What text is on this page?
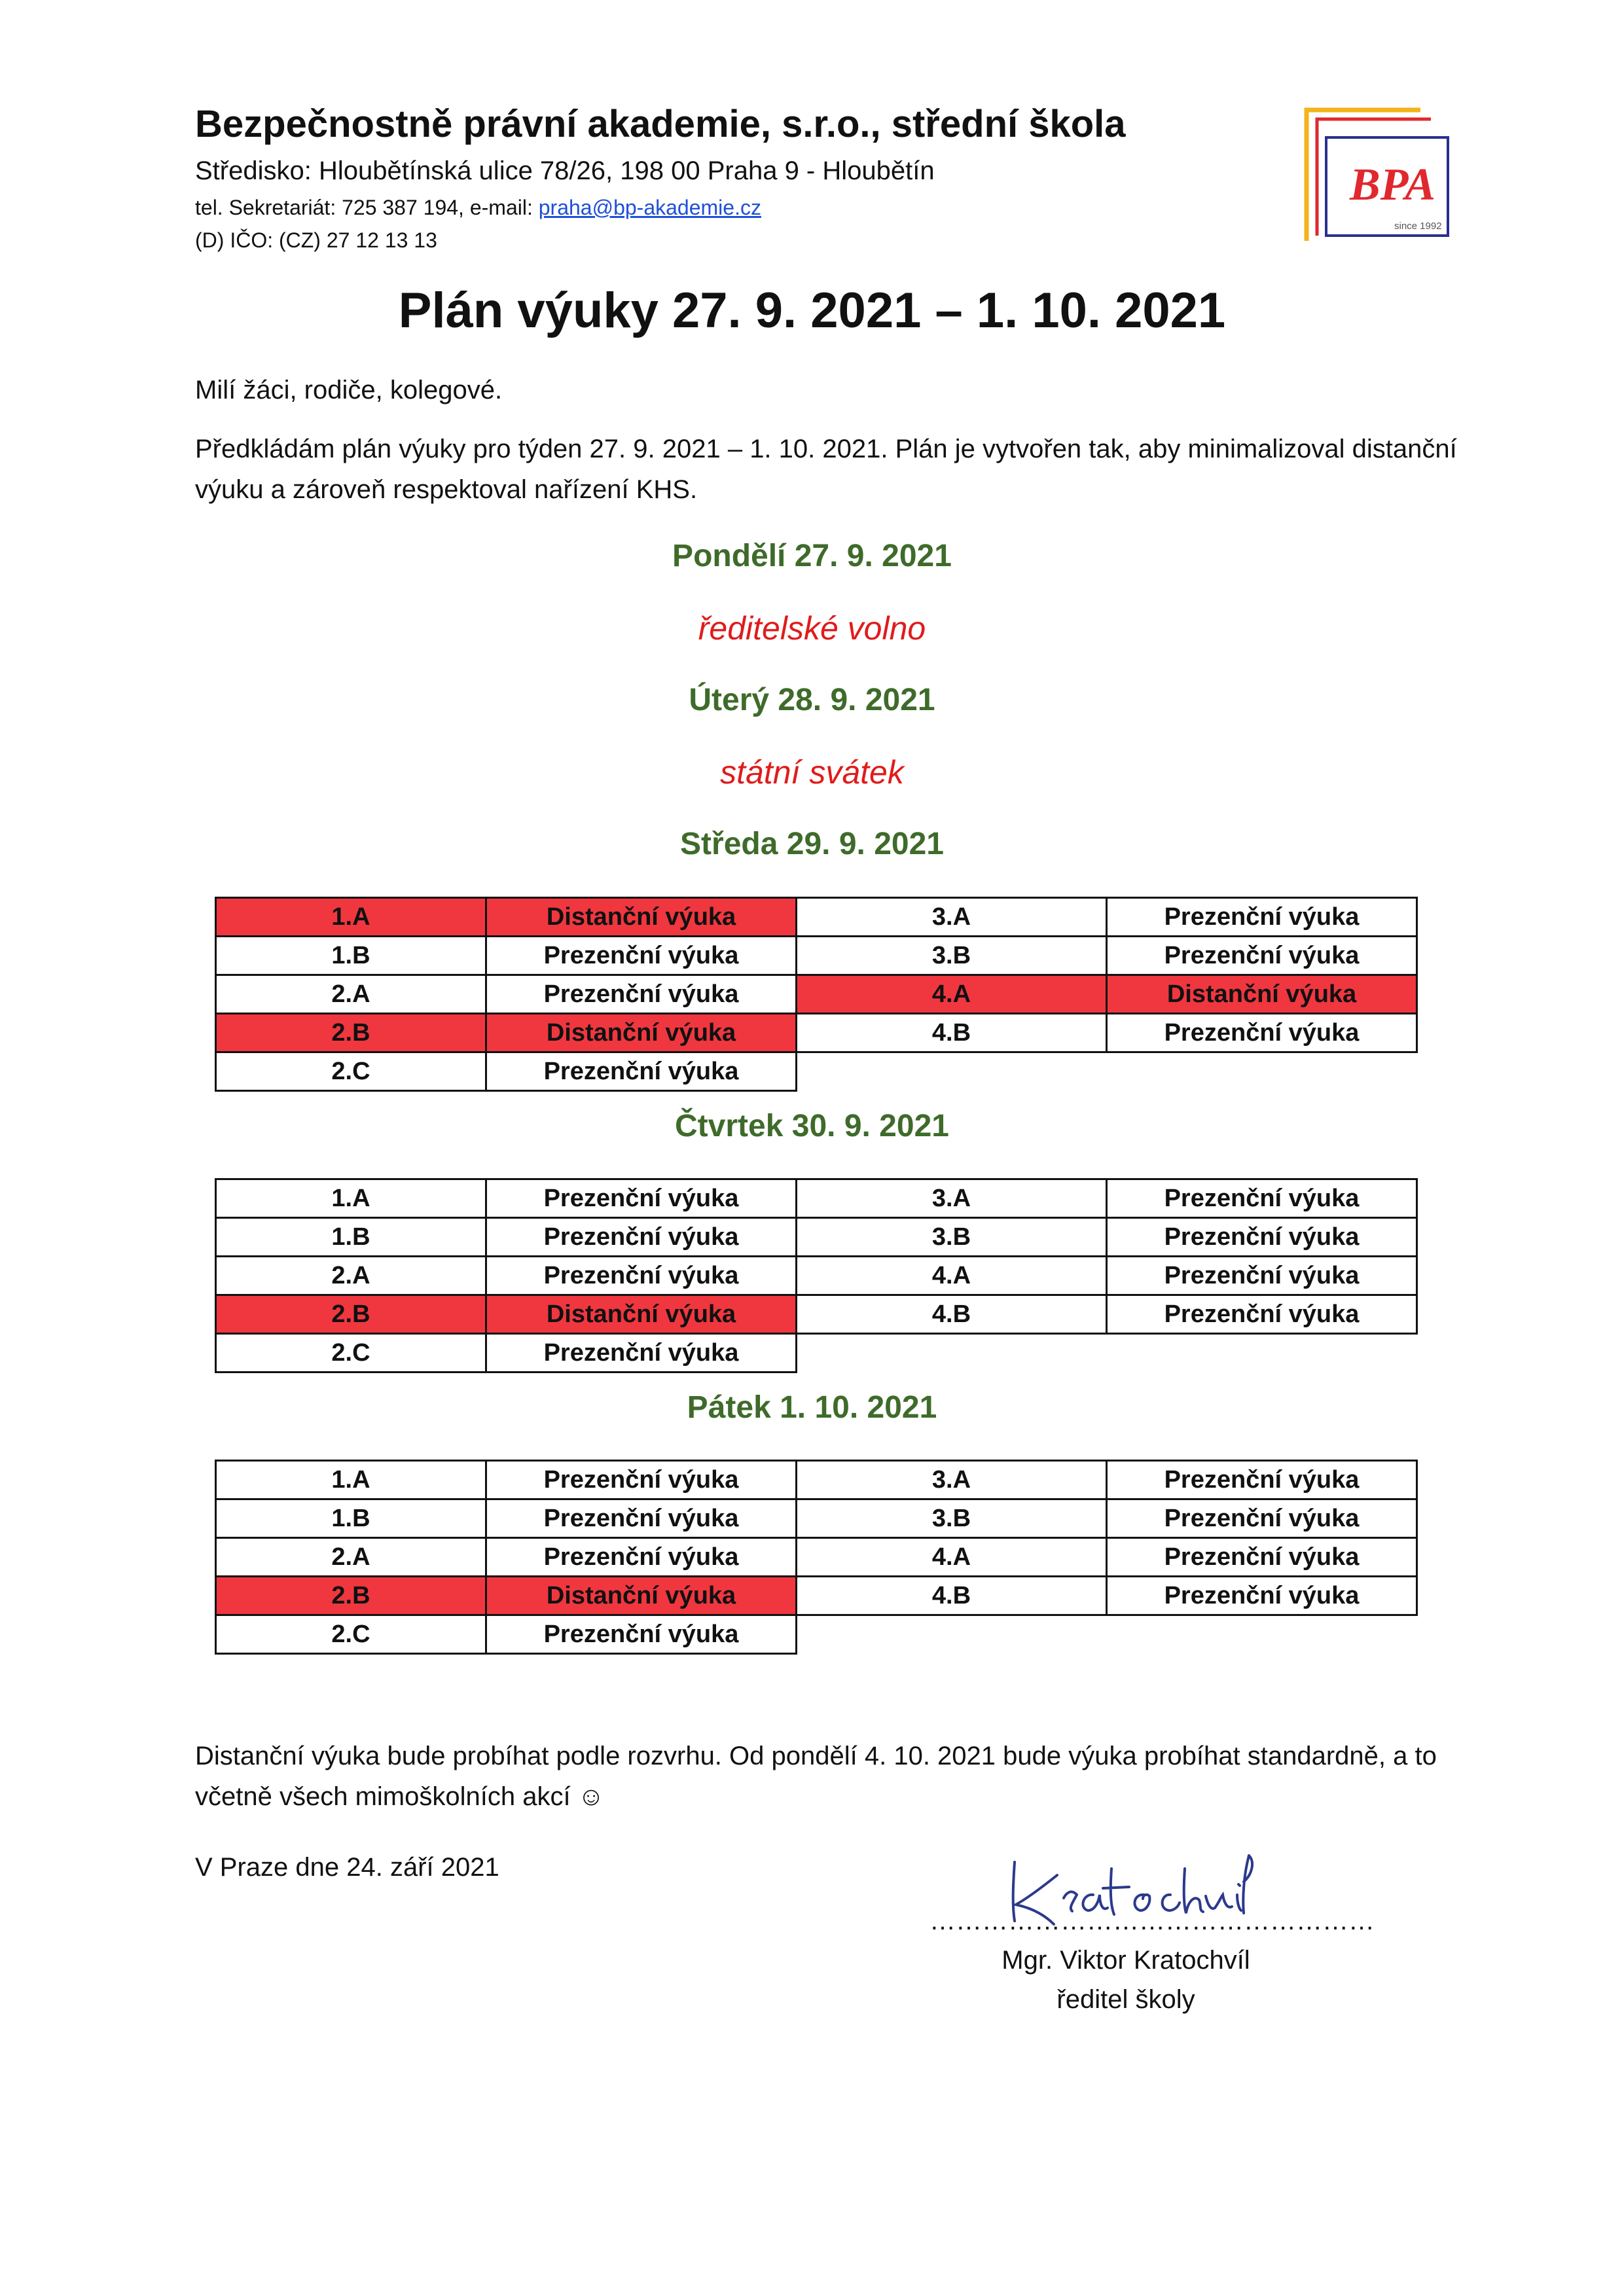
Bezpečnostně právní akademie, s.r.o., střední škola
Středisko: Hloubětínská ulice 78/26, 198 00 Praha 9 - Hloubětín
tel. Sekretariát: 725 387 194, e-mail: praha@bp-akademie.cz
(D) IČO: (CZ) 27 12 13 13
BPA
since 1992
Plán výuky 27. 9. 2021 – 1. 10. 2021
Milí žáci, rodiče, kolegové.
Předkládám plán výuky pro týden 27. 9. 2021 – 1. 10. 2021. Plán je vytvořen tak, aby minimalizoval distanční výuku a zároveň respektoval nařízení KHS.
Pondělí 27. 9. 2021
ředitelské volno
Úterý 28. 9. 2021
státní svátek
Středa 29. 9. 2021
1.A	Distanční výuka	3.A	Prezenční výuka
1.B	Prezenční výuka	3.B	Prezenční výuka
2.A	Prezenční výuka	4.A	Distanční výuka
2.B	Distanční výuka	4.B	Prezenční výuka
2.C	Prezenční výuka		
Čtvrtek 30. 9. 2021
1.A	Prezenční výuka	3.A	Prezenční výuka
1.B	Prezenční výuka	3.B	Prezenční výuka
2.A	Prezenční výuka	4.A	Prezenční výuka
2.B	Distanční výuka	4.B	Prezenční výuka
2.C	Prezenční výuka		
Pátek 1. 10. 2021
1.A	Prezenční výuka	3.A	Prezenční výuka
1.B	Prezenční výuka	3.B	Prezenční výuka
2.A	Prezenční výuka	4.A	Prezenční výuka
2.B	Distanční výuka	4.B	Prezenční výuka
2.C	Prezenční výuka		
Distanční výuka bude probíhat podle rozvrhu. Od pondělí 4. 10. 2021 bude výuka probíhat standardně, a to včetně všech mimoškolních akcí ☺
V Praze dne 24. září 2021
……………………………………………
Mgr. Viktor Kratochvíl
ředitel školy
